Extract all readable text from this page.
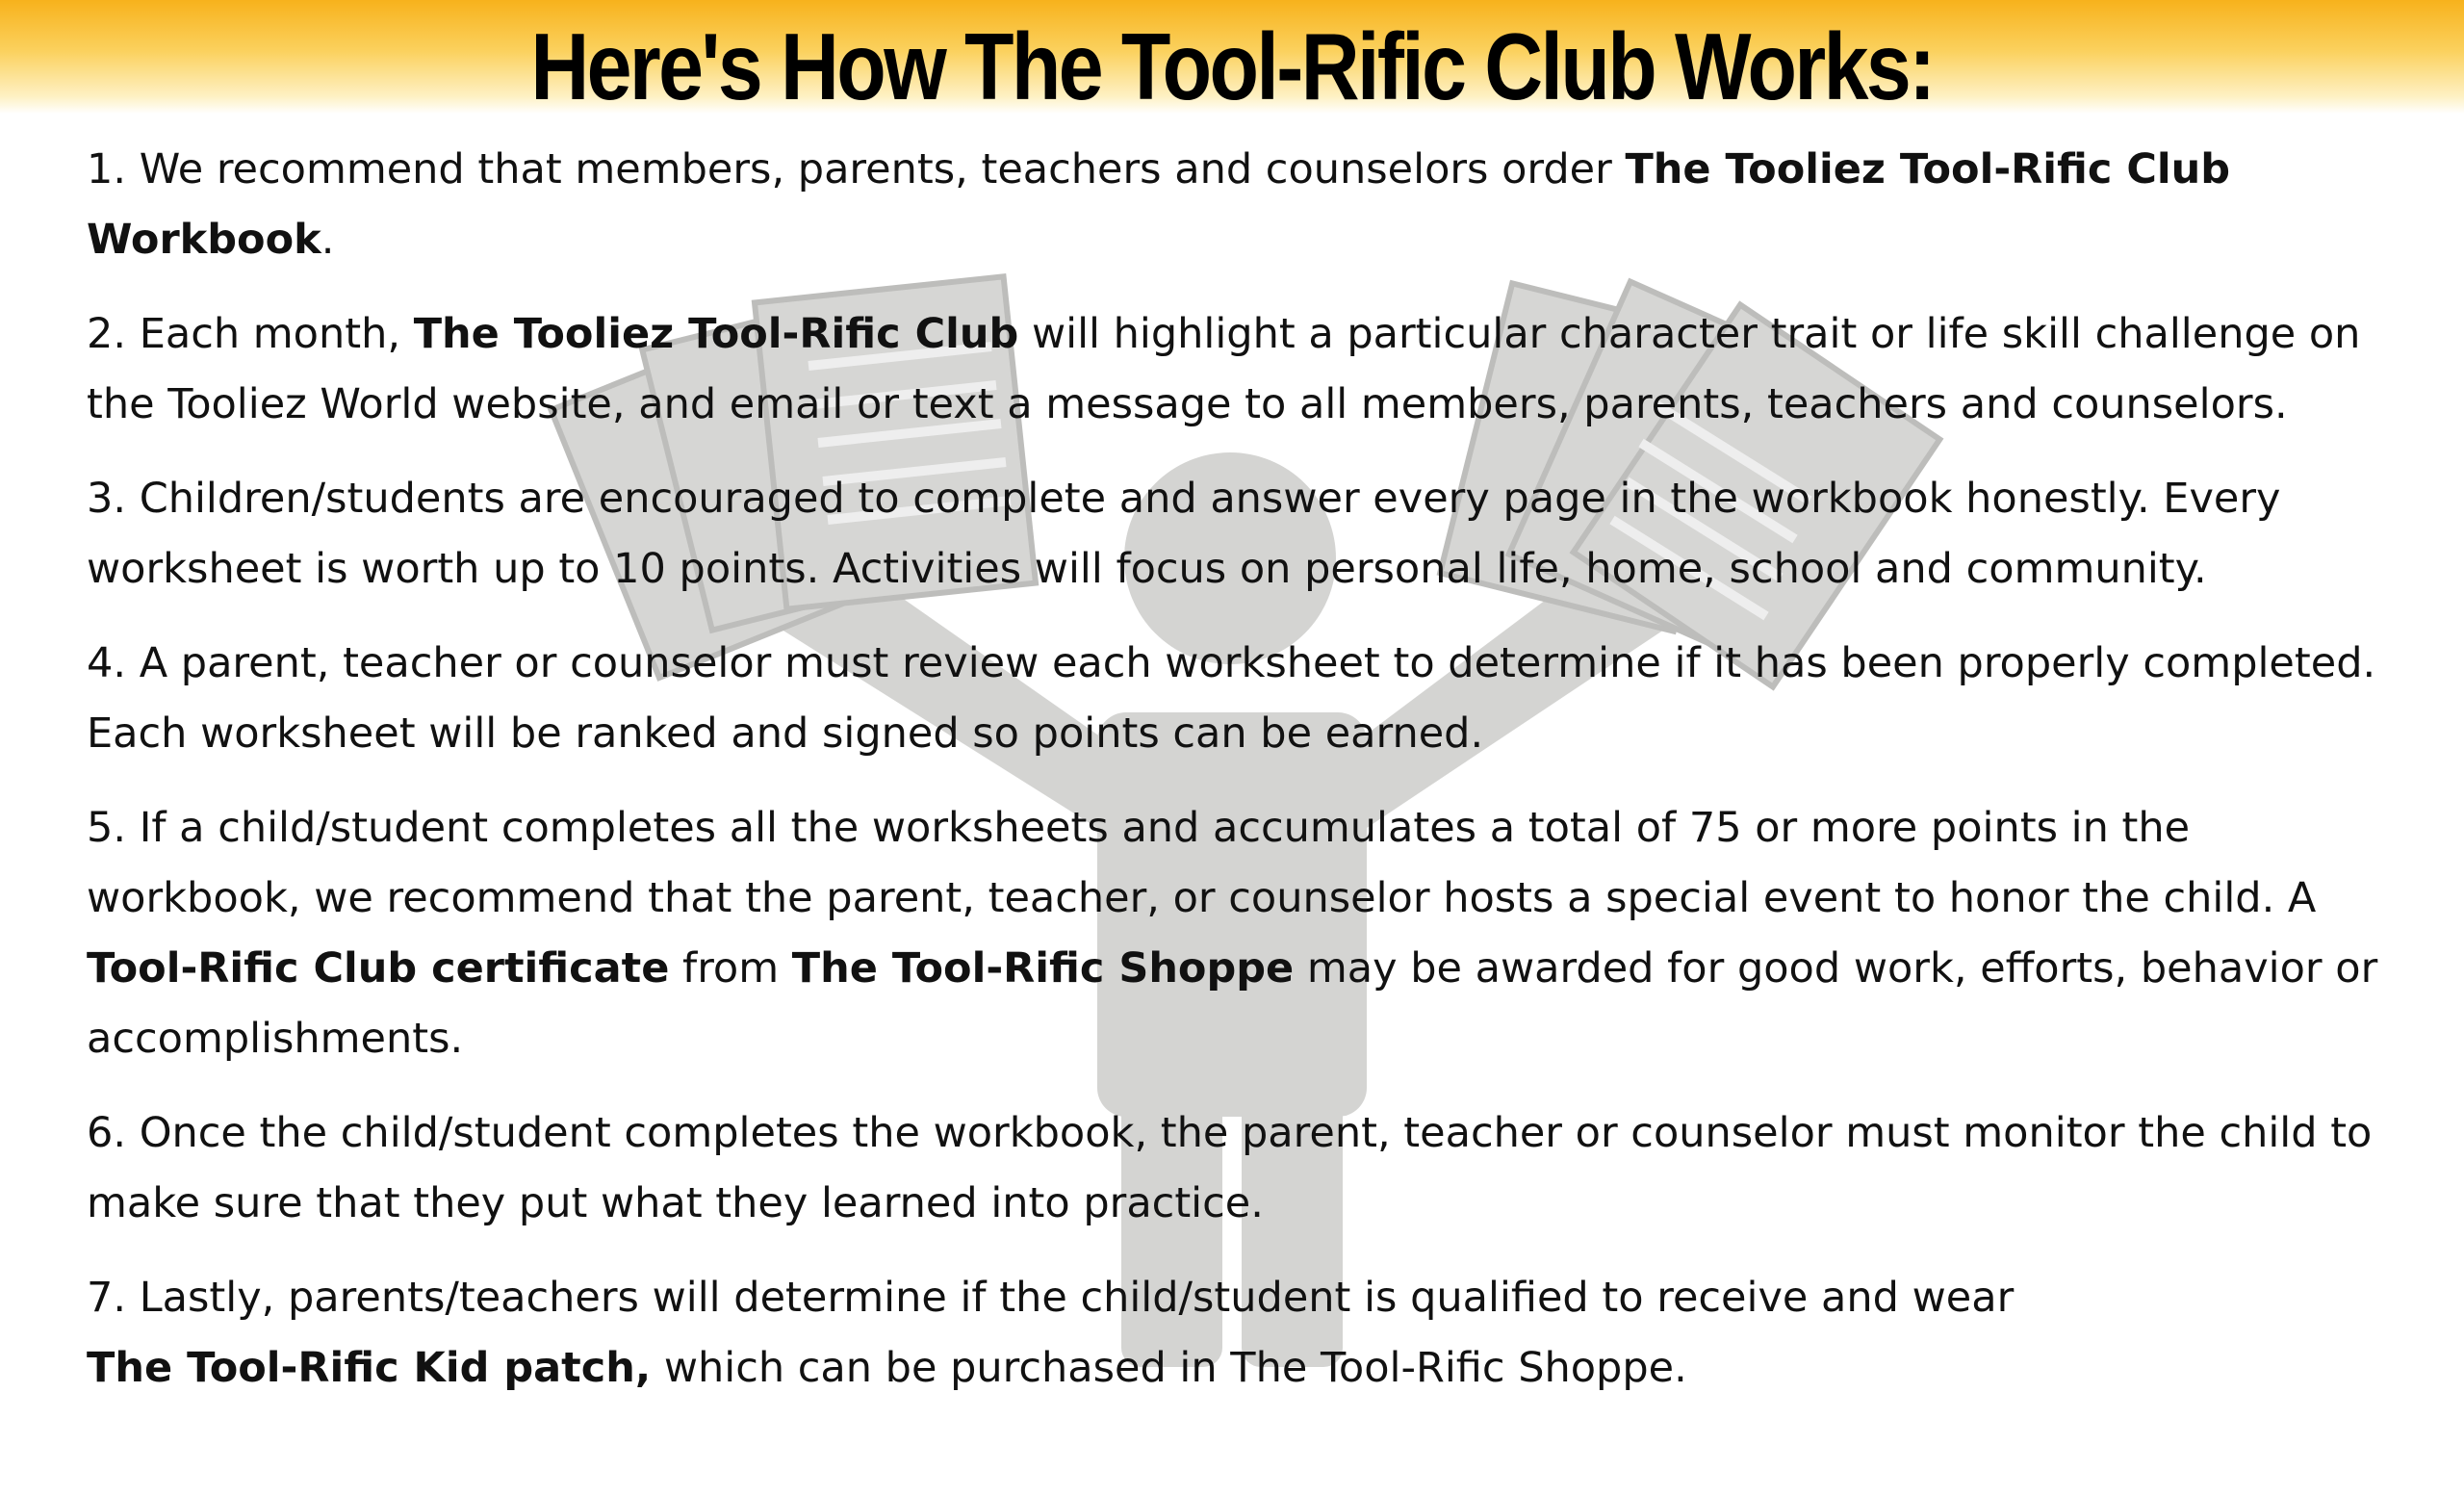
Here's How The Tool-Rific Club Works:
1. We recommend that members, parents, teachers and counselors order The Tooliez Tool-Rific Club Workbook.
2. Each month, The Tooliez Tool-Rific Club will highlight a particular character trait or life skill challenge on the Tooliez World website, and email or text a message to all members, parents, teachers and counselors.
3. Children/students are encouraged to complete and answer every page in the workbook honestly. Every worksheet is worth up to 10 points. Activities will focus on personal life, home, school and community.
4. A parent, teacher or counselor must review each worksheet to determine if it has been properly completed. Each worksheet will be ranked and signed so points can be earned.
5. If a child/student completes all the worksheets and accumulates a total of 75 or more points in the workbook, we recommend that the parent, teacher, or counselor hosts a special event to honor the child. A Tool-Rific Club certificate from The Tool-Rific Shoppe may be awarded for good work, efforts, behavior or accomplishments.
6. Once the child/student completes the workbook, the parent, teacher or counselor must monitor the child to make sure that they put what they learned into practice.
7. Lastly, parents/teachers will determine if the child/student is qualified to receive and wear
The Tool-Rific Kid patch, which can be purchased in The Tool-Rific Shoppe.
